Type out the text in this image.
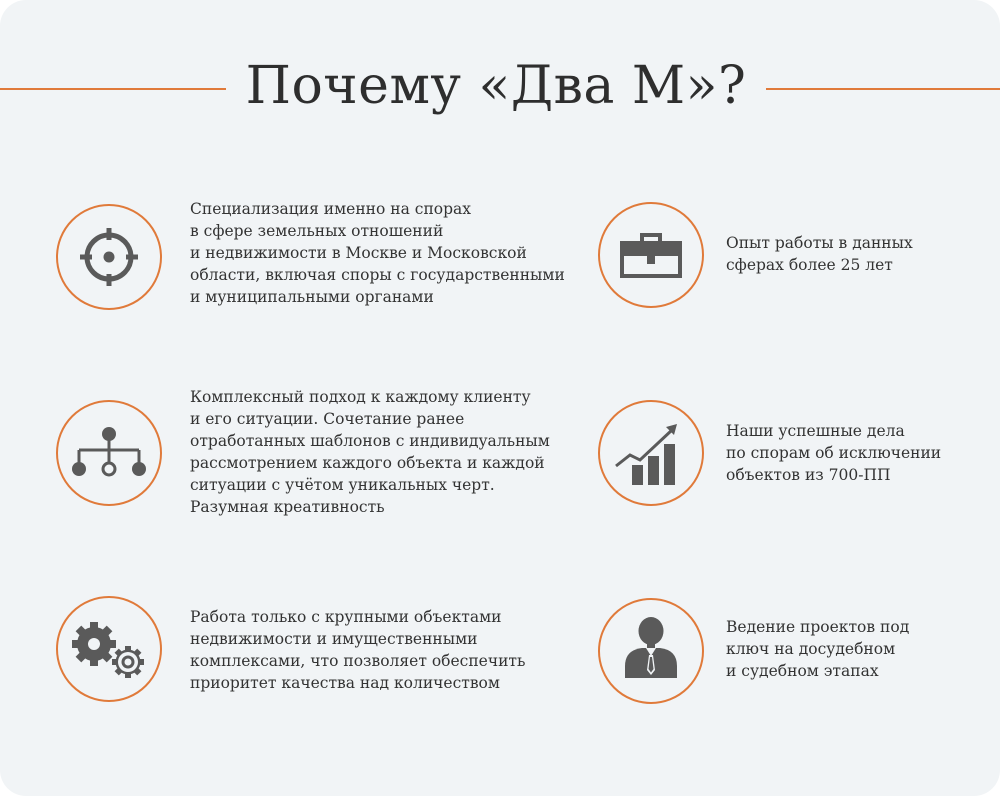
Почему «Два М»?
Специализация именно на спорах
в сфере земельных отношений
и недвижимости в Москве и Московской
области, включая споры с государственными
и муниципальными органами
Опыт работы в данных
сферах более 25 лет
Комплексный подход к каждому клиенту
и его ситуации. Сочетание ранее
отработанных шаблонов с индивидуальным
рассмотрением каждого объекта и каждой
ситуации с учётом уникальных черт.
Разумная креативность
Наши успешные дела
по спорам об исключении
объектов из 700-ПП
Работа только с крупными объектами
недвижимости и имущественными
комплексами, что позволяет обеспечить
приоритет качества над количеством
Ведение проектов под
ключ на досудебном
и судебном этапах
